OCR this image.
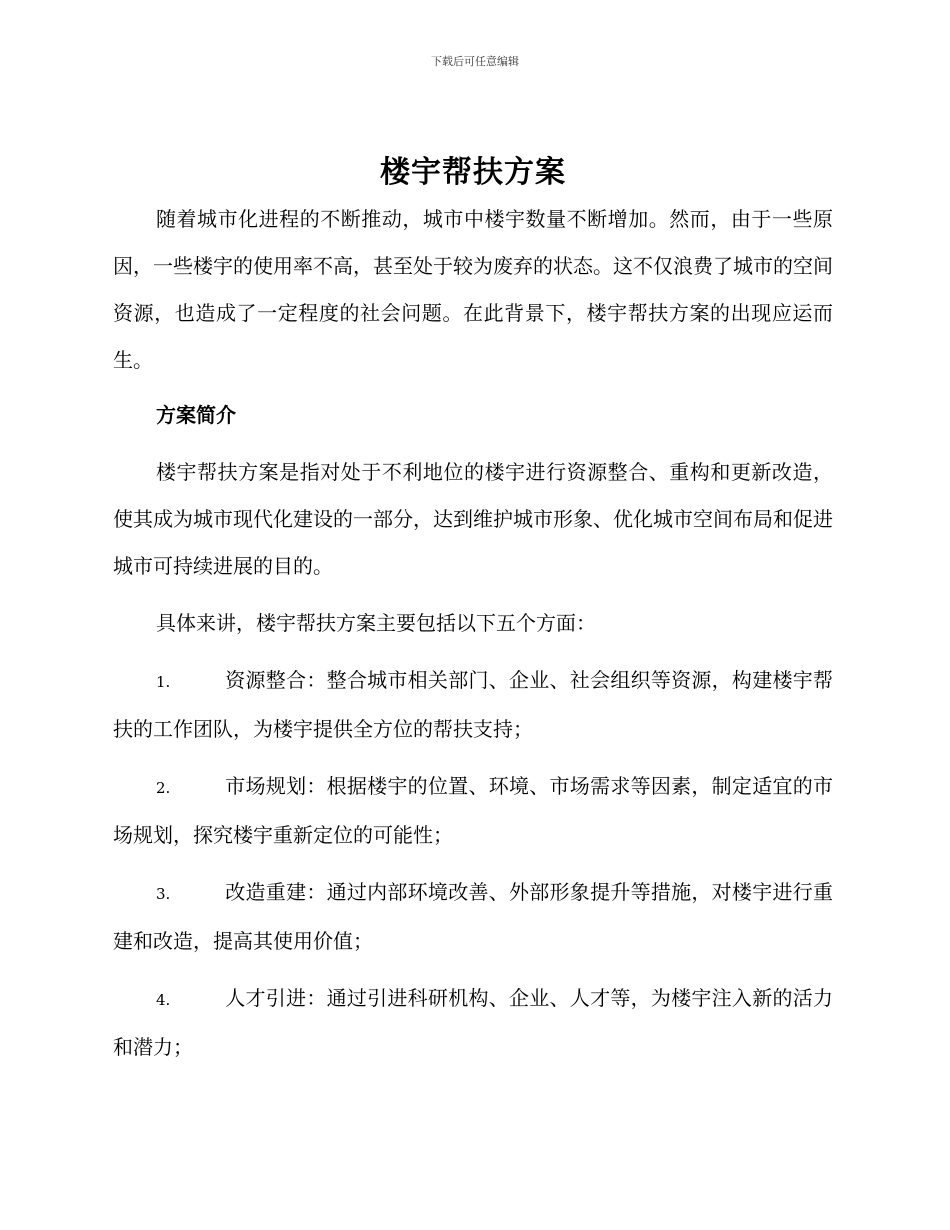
下载后可任意编辑
楼宇帮扶方案

随着城市化进程的不断推动，城市中楼宇数量不断增加。然而，由于一些原因，一些楼宇的使用率不高，甚至处于较为废弃的状态。这不仅浪费了城市的空间资源，也造成了一定程度的社会问题。在此背景下，楼宇帮扶方案的出现应运而生。

方案简介

楼宇帮扶方案是指对处于不利地位的楼宇进行资源整合、重构和更新改造，使其成为城市现代化建设的一部分，达到维护城市形象、优化城市空间布局和促进城市可持续进展的目的。

具体来讲，楼宇帮扶方案主要包括以下五个方面：

1.	资源整合：整合城市相关部门、企业、社会组织等资源，构建楼宇帮扶的工作团队，为楼宇提供全方位的帮扶支持；

2.	市场规划：根据楼宇的位置、环境、市场需求等因素，制定适宜的市场规划，探究楼宇重新定位的可能性；

3.	改造重建：通过内部环境改善、外部形象提升等措施，对楼宇进行重建和改造，提高其使用价值；

4.	人才引进：通过引进科研机构、企业、人才等，为楼宇注入新的活力和潜力；
